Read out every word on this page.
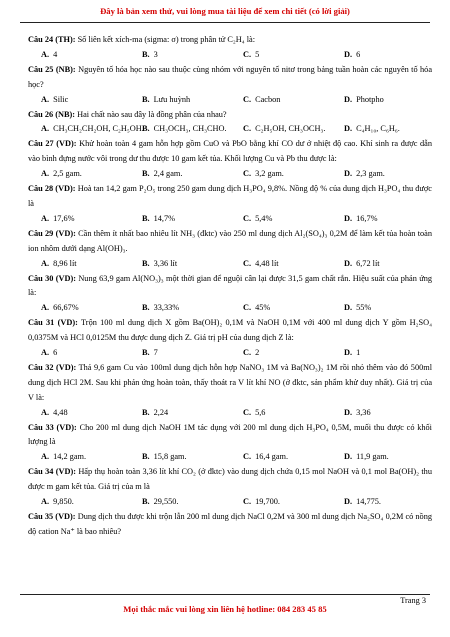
Đây là bản xem thử, vui lòng mua tài liệu để xem chi tiết (có lời giải)

Câu 24 (TH): Số liên kết xích-ma (sigma: σ) trong phân tử C₂H₄ là:

A. 4	B. 3	C. 5	D. 6

Câu 25 (NB): Nguyên tố hóa học nào sau thuộc cùng nhóm với nguyên tố nitơ trong bảng tuần hoàn các nguyên tố hóa học?

A. Silic	B. Lưu huỳnh	C. Cacbon	D. Photpho

Câu 26 (NB): Hai chất nào sau đây là đồng phân của nhau?

A. CH₃CH₂CH₂OH, C₂H₅OH.
B. CH₃OCH₃, CH₃CHO.	C. C₂H₅OH, CH₃OCH₃.	D. C₄H₁₀, C₆H₆.

Câu 27 (VD): Khử hoàn toàn 4 gam hỗn hợp gồm CuO và PbO bằng khí CO dư ở nhiệt độ cao. Khí sinh ra được dẫn vào bình đựng nước vôi trong dư thu được 10 gam kết tủa. Khối lượng Cu và Pb thu được là:

A. 2,5 gam.	B. 2,4 gam.	C. 3,2 gam.	D. 2,3 gam.

Câu 28 (VD): Hoà tan 14,2 gam P₂O₅ trong 250 gam dung dịch H₃PO₄ 9,8%. Nồng độ % của dung dịch H₃PO₄ thu được là

A. 17,6%	B. 14,7%	C. 5,4%	D. 16,7%

Câu 29 (VD): Cần thêm ít nhất bao nhiêu lít NH₃ (đktc) vào 250 ml dung dịch Al₂(SO₄)₃ 0,2M để làm kết tủa hoàn toàn ion nhôm dưới dạng Al(OH)₃.

A. 8,96 lít	B. 3,36 lít	C. 4,48 lít	D. 6,72 lít

Câu 30 (VD): Nung 63,9 gam Al(NO₃)₃ một thời gian để nguội cân lại được 31,5 gam chất rắn. Hiệu suất của phản ứng là:

A. 66,67%	B. 33,33%	C. 45%	D. 55%

Câu 31 (VD): Trộn 100 ml dung dịch X gồm Ba(OH)₂ 0,1M và NaOH 0,1M với 400 ml dung dịch Y gồm H₂SO₄ 0,0375M và HCl 0,0125M thu được dung dịch Z. Giá trị pH của dung dịch Z là:

A. 6	B. 7	C. 2	D. 1

Câu 32 (VD): Thả 9,6 gam Cu vào 100ml dung dịch hỗn hợp NaNO₃ 1M và Ba(NO₃)₂ 1M rồi nhỏ thêm vào đó 500ml dung dịch HCl 2M. Sau khi phản ứng hoàn toàn, thấy thoát ra V lít khí NO (ở đktc, sản phẩm khử duy nhất). Giá trị của V là:

A. 4,48	B. 2,24	C. 5,6	D. 3,36

Câu 33 (VD): Cho 200 ml dung dịch NaOH 1M tác dụng với 200 ml dung dịch H₃PO₄ 0,5M, muối thu được có khối lượng là

A. 14,2 gam.	B. 15,8 gam.	C. 16,4 gam.	D. 11,9 gam.

Câu 34 (VD): Hấp thụ hoàn toàn 3,36 lít khí CO₂ (ở đktc) vào dung dịch chứa 0,15 mol NaOH và 0,1 mol Ba(OH)₂ thu được m gam kết tủa. Giá trị của m là

A. 9,850.	B. 29,550.	C. 19,700.	D. 14,775.

Câu 35 (VD): Dung dịch thu được khi trộn lẫn 200 ml dung dịch NaCl 0,2M và 300 ml dung dịch Na₂SO₄ 0,2M có nồng độ cation Na⁺ là bao nhiêu?

Trang 3
Mọi thắc mắc vui lòng xin liên hệ hotline: 084 283 45 85
